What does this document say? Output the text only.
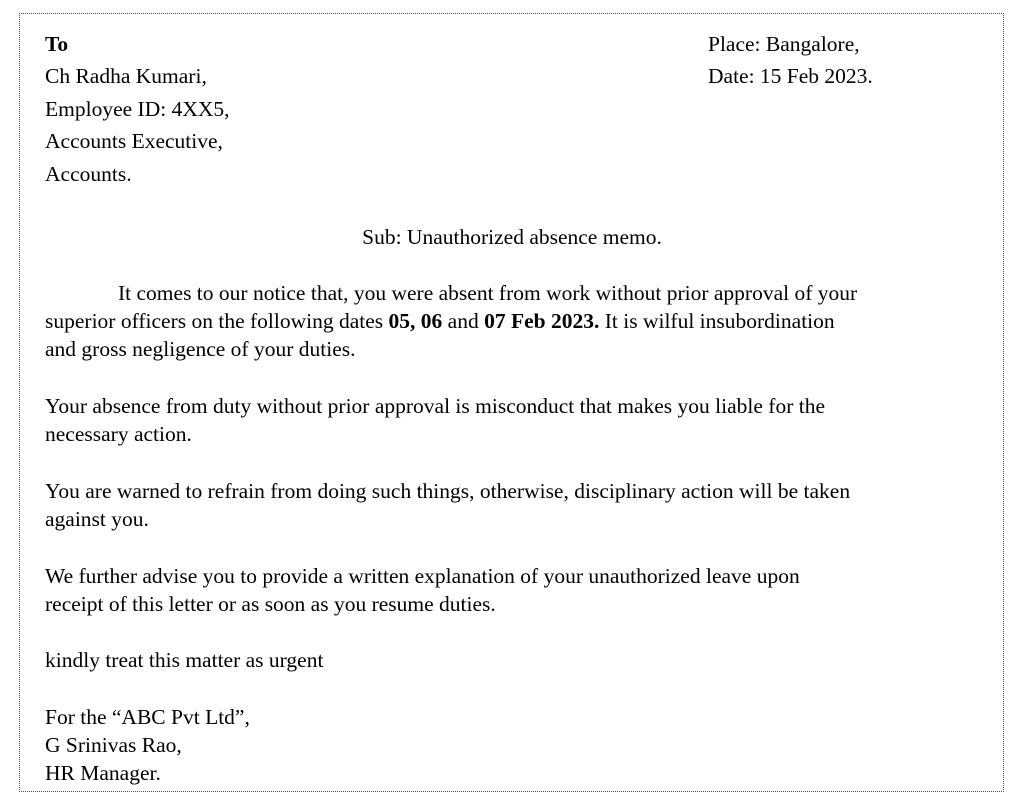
To

Ch Radha Kumari,

Employee ID: 4XX5,

Accounts Executive,

Accounts.

Place: Bangalore,

Date: 15 Feb 2023.

Sub: Unauthorized absence memo.

It comes to our notice that, you were absent from work without prior approval of your

superior officers on the following dates 05, 06 and 07 Feb 2023. It is wilful insubordination

and gross negligence of your duties.

Your absence from duty without prior approval is misconduct that makes you liable for the

necessary action.

You are warned to refrain from doing such things, otherwise, disciplinary action will be taken

against you.

We further advise you to provide a written explanation of your unauthorized leave upon

receipt of this letter or as soon as you resume duties.

kindly treat this matter as urgent

For the “ABC Pvt Ltd”,

G Srinivas Rao,

HR Manager.
